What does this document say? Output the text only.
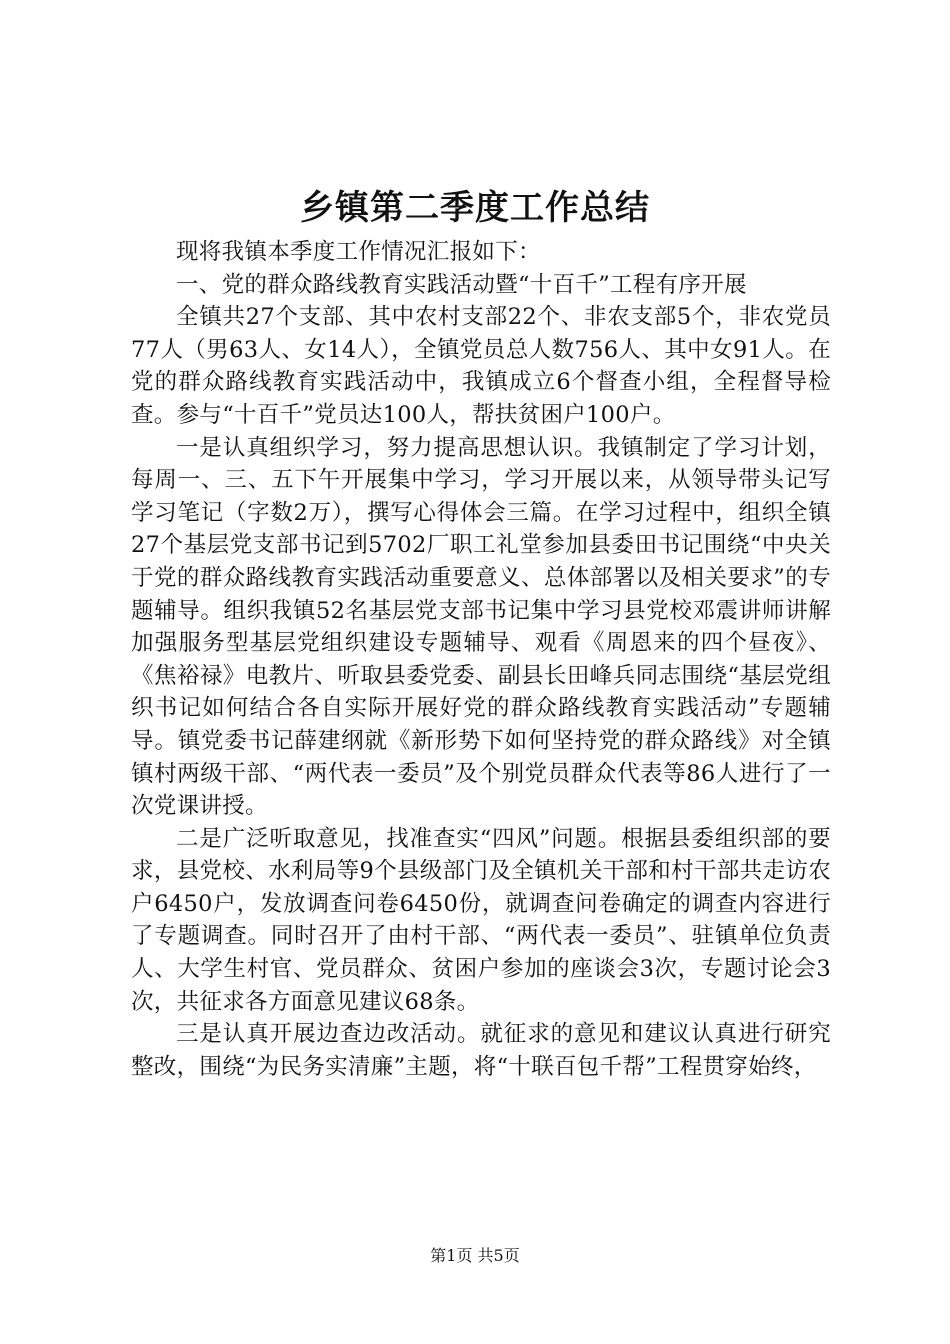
乡镇第二季度工作总结

现将我镇本季度工作情况汇报如下：

一、党的群众路线教育实践活动暨“十百千”工程有序开展

全镇共27个支部、其中农村支部22个、非农支部5个，非农党员77人（男63人、女14人），全镇党员总人数756人、其中女91人。在党的群众路线教育实践活动中，我镇成立6个督查小组，全程督导检查。参与“十百千”党员达100人，帮扶贫困户100户。

一是认真组织学习，努力提高思想认识。我镇制定了学习计划，每周一、三、五下午开展集中学习，学习开展以来，从领导带头记写学习笔记（字数2万），撰写心得体会三篇。在学习过程中，组织全镇27个基层党支部书记到5702厂职工礼堂参加县委田书记围绕“中央关于党的群众路线教育实践活动重要意义、总体部署以及相关要求”的专题辅导。组织我镇52名基层党支部书记集中学习县党校邓震讲师讲解加强服务型基层党组织建设专题辅导、观看《周恩来的四个昼夜》、《焦裕禄》电教片、听取县委党委、副县长田峰兵同志围绕“基层党组织书记如何结合各自实际开展好党的群众路线教育实践活动”专题辅导。镇党委书记薛建纲就《新形势下如何坚持党的群众路线》对全镇镇村两级干部、“两代表一委员”及个别党员群众代表等86人进行了一次党课讲授。

二是广泛听取意见，找准查实“四风”问题。根据县委组织部的要求，县党校、水利局等9个县级部门及全镇机关干部和村干部共走访农户6450户，发放调查问卷6450份，就调查问卷确定的调查内容进行了专题调查。同时召开了由村干部、“两代表一委员”、驻镇单位负责人、大学生村官、党员群众、贫困户参加的座谈会3次，专题讨论会3次，共征求各方面意见建议68条。

三是认真开展边查边改活动。就征求的意见和建议认真进行研究整改，围绕“为民务实清廉”主题，将“十联百包千帮”工程贯穿始终，

第1页 共5页
